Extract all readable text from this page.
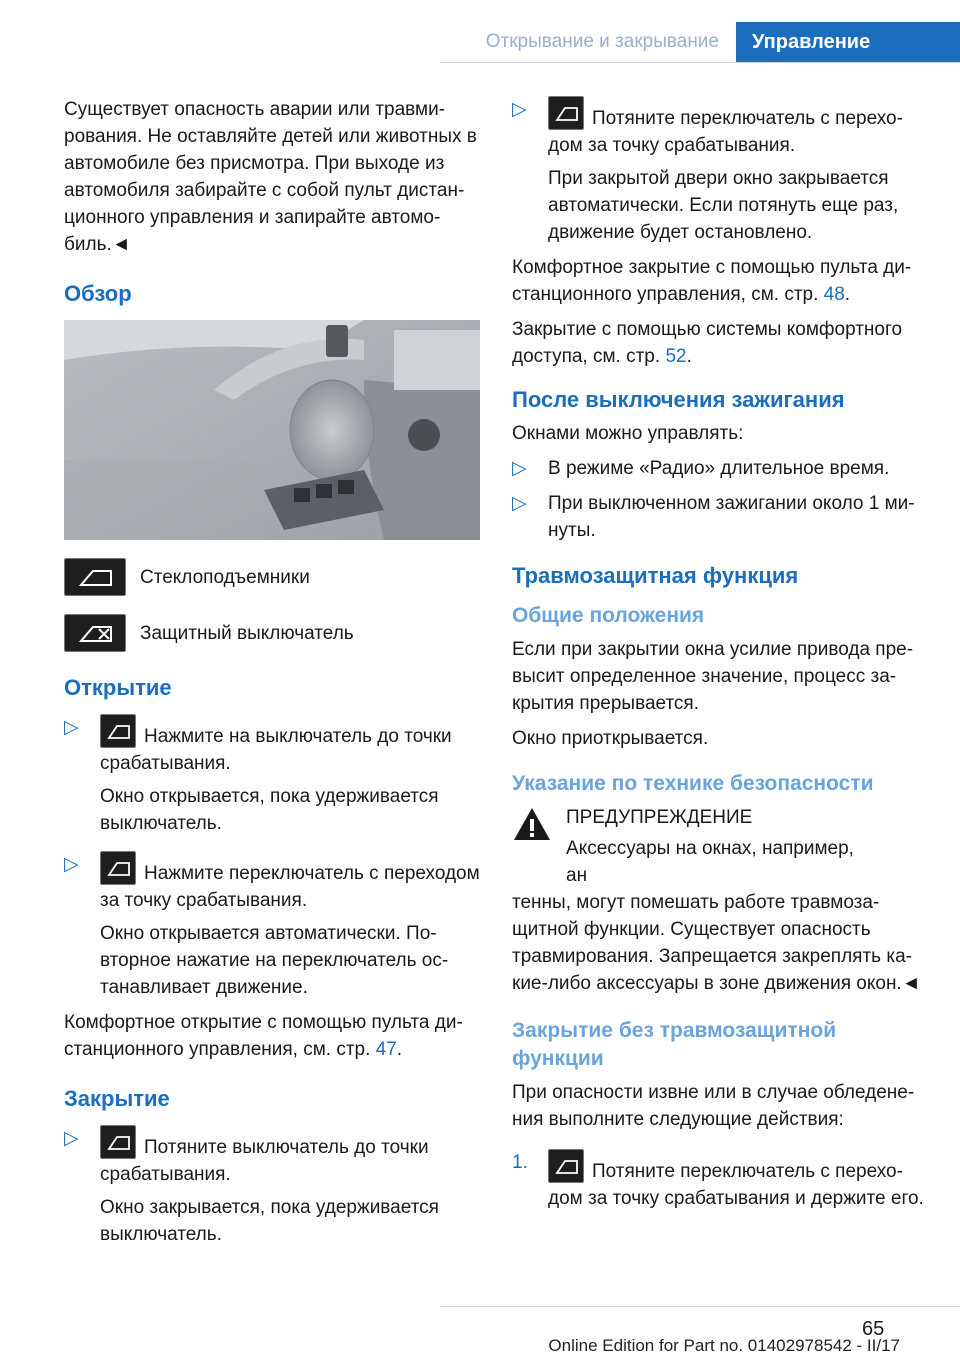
Открывание и закрывание	Управление

Существует опасность аварии или травмирования. Не оставляйте детей или животных в автомобиле без присмотра. При выходе из автомобиля забирайте с собой пульт дистанционного управления и запирайте автомобиль.◄

Обзор
Стеклоподъемники
Защитный выключатель
Открытие
▷	Нажмите на выключатель до точки срабатывания.

Окно открывается, пока удерживается выключатель.

▷	Нажмите переключатель с переходом за точку срабатывания.

Окно открывается автоматически. Повторное нажатие на переключатель останавливает движение.

Комфортное открытие с помощью пульта дистанционного управления, см. стр. 47.

Закрытие
▷	Потяните выключатель до точки срабатывания.

Окно закрывается, пока удерживается выключатель.

▷	Потяните переключатель с переходом за точку срабатывания.

При закрытой двери окно закрывается автоматически. Если потянуть еще раз, движение будет остановлено.

Комфортное закрытие с помощью пульта дистанционного управления, см. стр. 48.

Закрытие с помощью системы комфортного доступа, см. стр. 52.

После выключения зажигания

Окнами можно управлять:

▷ В режиме «Радио» длительное время.

▷ При выключенном зажигании около 1 минуты.

Травмозащитная функция
Общие положения

Если при закрытии окна усилие привода превысит определенное значение, процесс закрытия прерывается.

Окно приоткрывается.

Указание по технике безопасности

ПРЕДУПРЕЖДЕНИЕ

Аксессуары на окнах, например, ан

тенны, могут помешать работе травмозащитной функции. Существует опасность травмирования. Запрещается закреплять какие-либо аксессуары в зоне движения окон.◄

Закрытие без травмозащитной функции

При опасности извне или в случае обледенения выполните следующие действия:

1.	Потяните переключатель с переходом за точку срабатывания и держите его.

65
Online Edition for Part no. 01402978542 - II/17
